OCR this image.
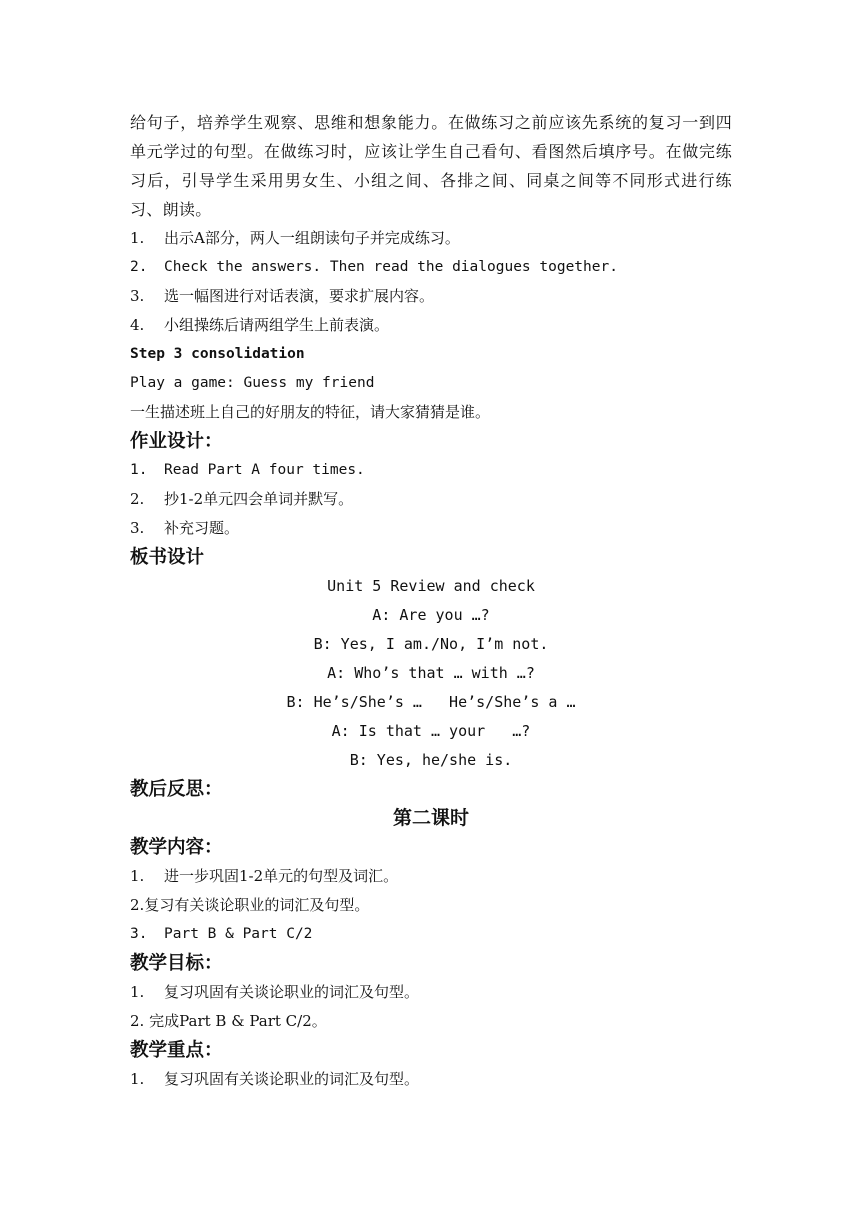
给句子，培养学生观察、思维和想象能力。在做练习之前应该先系统的复习一到四单元学过的句型。在做练习时，应该让学生自己看句、看图然后填序号。在做完练习后，引导学生采用男女生、小组之间、各排之间、同桌之间等不同形式进行练习、朗读。

1. 出示A部分，两人一组朗读句子并完成练习。

2. Check the answers. Then read the dialogues together.

3. 选一幅图进行对话表演，要求扩展内容。

4. 小组操练后请两组学生上前表演。

Step 3 consolidation

Play a game: Guess my friend

一生描述班上自己的好朋友的特征，请大家猜猜是谁。

作业设计：

1. Read Part A four times.

2. 抄1-2单元四会单词并默写。

3. 补充习题。

板书设计

Unit 5 Review and check

A: Are you …?

B: Yes, I am./No, I’m not.

A: Who’s that … with …?

B: He’s/She’s …   He’s/She’s a …

A: Is that … your   …?

B: Yes, he/she is.

教后反思：

第二课时

教学内容：

1. 进一步巩固1-2单元的句型及词汇。

2.复习有关谈论职业的词汇及句型。

3. Part B & Part C/2

教学目标：

1. 复习巩固有关谈论职业的词汇及句型。

2. 完成Part B & Part C/2。

教学重点：

1. 复习巩固有关谈论职业的词汇及句型。
